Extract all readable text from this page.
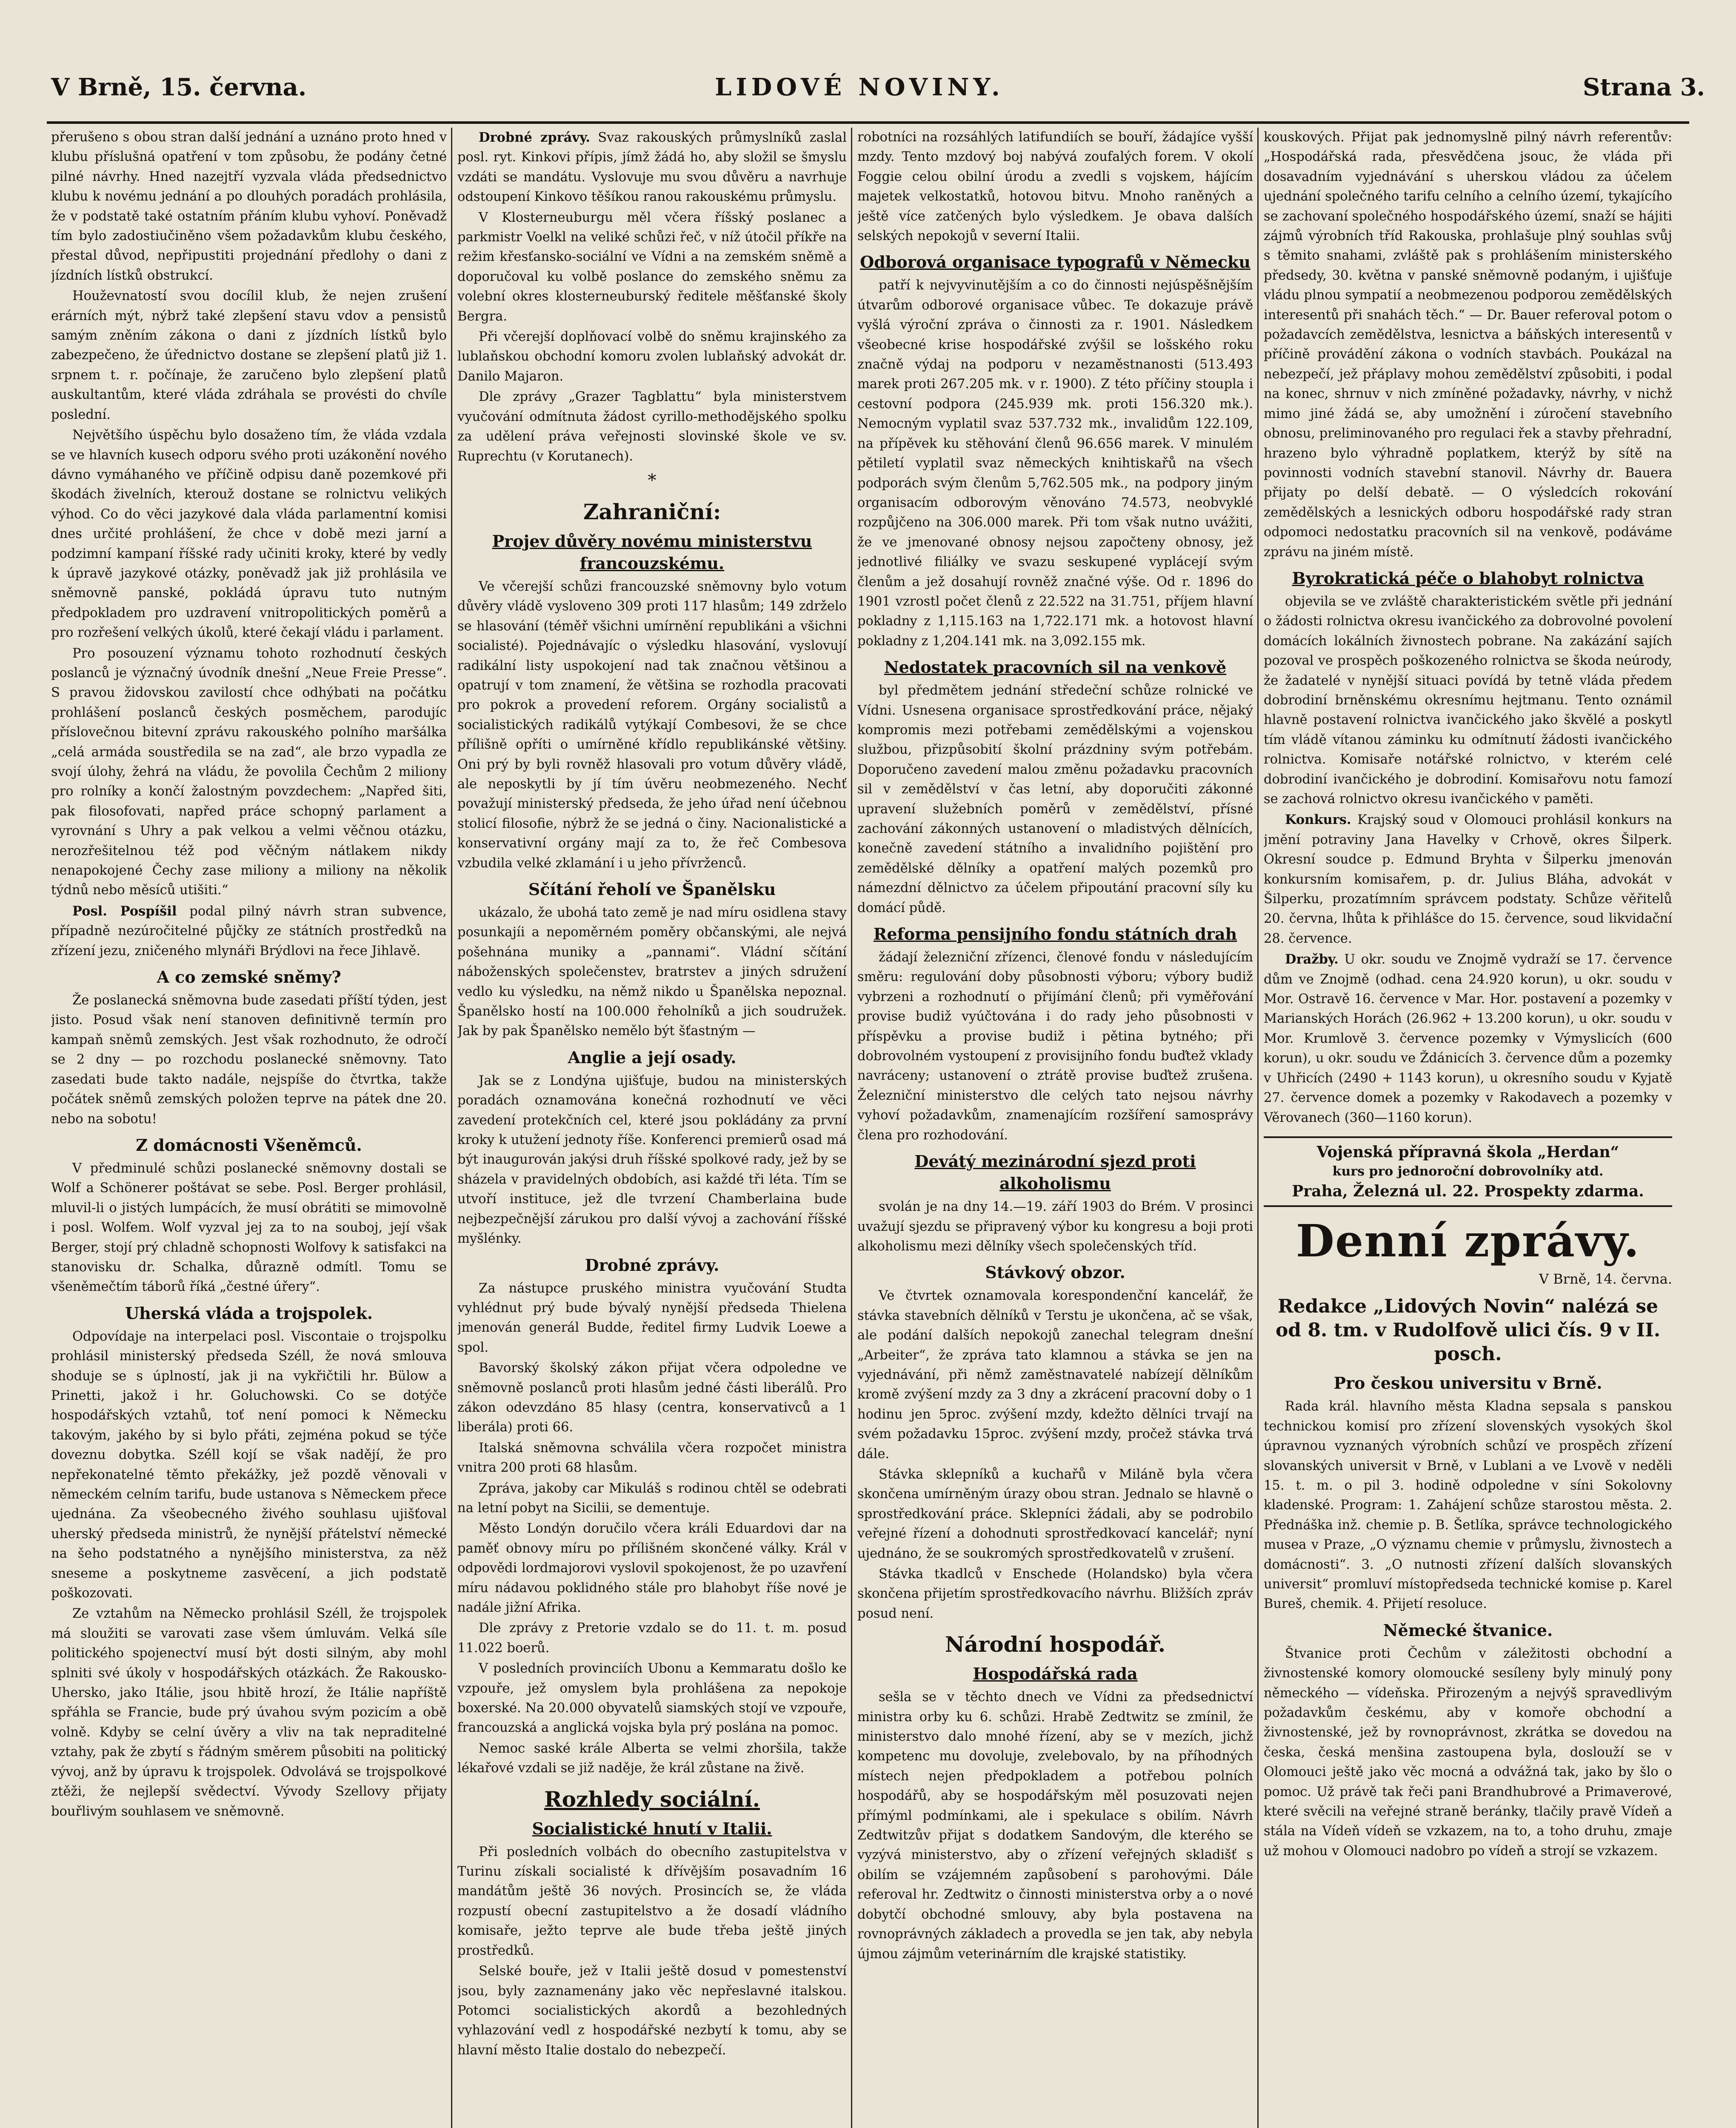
V Brně, 15. června.	LIDOVÉ NOVINY.	Strana 3.

přerušeno s obou stran další jednání a uznáno proto hned v klubu příslušná opatření v tom způsobu, že podány četné pilné návrhy. Hned nazejtří vyzvala vláda předsednictvo klubu k novému jednání a po dlouhých poradách prohlásila, že v podstatě také ostatním přáním klubu vyhoví. Poněvadž tím bylo zadostiučiněno všem požadavkům klubu českého, přestal důvod, nepřipustiti projednání předlohy o dani z jízdních lístků obstrukcí.

Houževnatostí svou docílil klub, že nejen zrušení erárních mýt, nýbrž také zlepšení stavu vdov a pensistů samým zněním zákona o dani z jízdních lístků bylo zabezpečeno, že úřednictvo dostane se zlepšení platů již 1. srpnem t. r. počínaje, že zaručeno bylo zlepšení platů auskultantům, které vláda zdráhala se provésti do chvíle poslední.

Největšího úspěchu bylo dosaženo tím, že vláda vzdala se ve hlavních kusech odporu svého proti uzákonění nového dávno vymáhaného ve příčině odpisu daně pozemkové při škodách živelních, kterouž dostane se rolnictvu velikých výhod. Co do věci jazykové dala vláda parlamentní komisi dnes určité prohlášení, že chce v době mezi jarní a podzimní kampaní říšské rady učiniti kroky, které by vedly k úpravě jazykové otázky, poněvadž jak již prohlásila ve sněmovně panské, pokládá úpravu tuto nutným předpokladem pro uzdravení vnitropolitických poměrů a pro rozřešení velkých úkolů, které čekají vládu i parlament.

Pro posouzení významu tohoto rozhodnutí českých poslanců je význačný úvodník dnešní „Neue Freie Presse“. S pravou židovskou zavilostí chce odhýbati na počátku prohlášení poslanců českých posměchem, parodujíc příslovečnou bitevní zprávu rakouského polního maršálka „celá armáda soustředila se na zad“, ale brzo vypadla ze svojí úlohy, žehrá na vládu, že povolila Čechům 2 miliony pro rolníky a končí žalostným povzdechem: „Napřed šiti, pak filosofovati, napřed práce schopný parlament a vyrovnání s Uhry a pak velkou a velmi věčnou otázku, nerozřešitelnou též pod věčným nátlakem nikdy nenapokojené Čechy zase miliony a miliony na několik týdnů nebo měsíců utišiti.“

Posl. Pospíšil podal pilný návrh stran subvence, případně nezúročitelné půjčky ze státních prostředků na zřízení jezu, zničeného mlynáři Brýdlovi na řece Jihlavě.

A co zemské sněmy?

Že poslanecká sněmovna bude zasedati příští týden, jest jisto. Posud však není stanoven definitivně termín pro kampaň sněmů zemských. Jest však rozhodnuto, že odročí se 2 dny — po rozchodu poslanecké sněmovny. Tato zasedati bude takto nadále, nejspíše do čtvrtka, takže počátek sněmů zemských položen teprve na pátek dne 20. nebo na sobotu!

Z domácnosti Všeněmců.

V předminulé schůzi poslanecké sněmovny dostali se Wolf a Schönerer poštávat se sebe. Posl. Berger prohlásil, mluvil-li o jistých lumpácích, že musí obrátiti se mimovolně i posl. Wolfem. Wolf vyzval jej za to na souboj, její však Berger, stojí prý chladně schopnosti Wolfovy k satisfakci na stanovisku dr. Schalka, důrazně odmítl. Tomu se všeněmečtím táborů říká „čestné úřery“.

Uherská vláda a trojspolek.

Odpovídaje na interpelaci posl. Viscontaie o trojspolku prohlásil ministerský předseda Széll, že nová smlouva shoduje se s úplností, jak ji na vykřičtili hr. Bülow a Prinetti, jakož i hr. Goluchowski. Co se dotýče hospodářských vztahů, toť není pomoci k Německu takovým, jakého by si bylo přáti, zejména pokud se týče doveznu dobytka. Széll kojí se však nadějí, že pro nepřekonatelné těmto překážky, jež pozdě věnovali v německém celním tarifu, bude ustanova s Německem přece ujednána. Za všeobecného živého souhlasu ujišťoval uherský předseda ministrů, že nynější přátelství německé na šeho podstatného a nynějšího ministerstva, za něž sneseme a poskytneme zasvěcení, a jich podstatě poškozovati.

Ze vztahům na Německo prohlásil Széll, že trojspolek má sloužiti se varovati zase všem úmluvám. Velká síle politického spojenectví musí být dosti silným, aby mohl splniti své úkoly v hospodářských otázkách. Že Rakousko-Uhersko, jako Itálie, jsou hbitě hrozí, že Itálie napříště spřáhla se Francie, bude prý úvahou svým pozicím a obě volně. Kdyby se celní úvěry a vliv na tak nepraditelné vztahy, pak že zbytí s řádným směrem působiti na politický vývoj, anž by úpravu k trojspolek. Odvolává se trojspolkové ztěži, že nejlepší svědectví. Vývody Szellovy přijaty bouřlivým souhlasem ve sněmovně.

Drobné zprávy. Svaz rakouských průmyslníků zaslal posl. ryt. Kinkovi přípis, jímž žádá ho, aby složil se šmyslu vzdáti se mandátu. Vyslovuje mu svou důvěru a navrhuje odstoupení Kinkovo těšíkou ranou rakouskému průmyslu.

V Klosterneuburgu měl včera říšský poslanec a parkmistr Voelkl na veliké schůzi řeč, v níž útočil příkře na režim křesťansko-sociální ve Vídni a na zemském sněmě a doporučoval ku volbě poslance do zemského sněmu za volební okres klosterneuburský ředitele měšťanské školy Bergra.

Při včerejší doplňovací volbě do sněmu krajinského za lublaňskou obchodní komoru zvolen lublaňský advokát dr. Danilo Majaron.

Dle zprávy „Grazer Tagblattu“ byla ministerstvem vyučování odmítnuta žádost cyrillo-methodějského spolku za udělení práva veřejnosti slovinské škole ve sv. Ruprechtu (v Korutanech).

*
Zahraniční:
Projev důvěry novému ministerstvu francouzskému.

Ve včerejší schůzi francouzské sněmovny bylo votum důvěry vládě vysloveno 309 proti 117 hlasům; 149 zdrželo se hlasování (téměř všichni umírnění republikáni a všichni socialisté). Pojednávajíc o výsledku hlasování, vyslovují radikální listy uspokojení nad tak značnou většinou a opatrují v tom znamení, že většina se rozhodla pracovati pro pokrok a provedení reforem. Orgány socialistů a socialistických radikálů vytýkají Combesovi, že se chce přílišně opříti o umírněné křídlo republikánské většiny. Oni prý by byli rovněž hlasovali pro votum důvěry vládě, ale neposkytli by jí tím úvěru neobmezeného. Nechť považují ministerský předseda, že jeho úřad není účebnou stolicí filosofie, nýbrž že se jedná o činy. Nacionalistické a konservativní orgány mají za to, že řeč Combesova vzbudila velké zklamání i u jeho přívrženců.

Sčítání řeholí ve Španělsku

ukázalo, že ubohá tato země je nad míru osidlena stavy posunkajíi a nepoměrném poměry občanskými, ale nejvá pošehnána muniky a „pannami“. Vládní sčítání náboženských společenstev, bratrstev a jiných sdružení vedlo ku výsledku, na němž nikdo u Španělska nepoznal. Španělsko hostí na 100.000 řeholníků a jich soudružek. Jak by pak Španělsko nemělo být šťastným —

Anglie a její osady.

Jak se z Londýna ujišťuje, budou na ministerských poradách oznamována konečná rozhodnutí ve věci zavedení protekčních cel, které jsou pokládány za první kroky k utužení jednoty říše. Konferenci premierů osad má být inaugurován jakýsi druh říšské spolkové rady, jež by se sházela v pravidelných obdobích, asi každé tři léta. Tím se utvoří instituce, jež dle tvrzení Chamberlaina bude nejbezpečnější zárukou pro další vývoj a zachování říšské myšlénky.

Drobné zprávy.

Za nástupce pruského ministra vyučování Studta vyhlédnut prý bude bývalý nynější předseda Thielena jmenován generál Budde, ředitel firmy Ludvik Loewe a spol.

Bavorský školský zákon přijat včera odpoledne ve sněmovně poslanců proti hlasům jedné části liberálů. Pro zákon odevzdáno 85 hlasy (centra, konservativců a 1 liberála) proti 66.

Italská sněmovna schválila včera rozpočet ministra vnitra 200 proti 68 hlasům.

Zpráva, jakoby car Mikuláš s rodinou chtěl se odebrati na letní pobyt na Sicilii, se dementuje.

Město Londýn doručilo včera králi Eduardovi dar na paměť obnovy míru po přílišném skončené války. Král v odpovědi lordmajorovi vyslovil spokojenost, že po uzavření míru nádavou poklidného stále pro blahobyt říše nové je nadále jižní Afrika.

Dle zprávy z Pretorie vzdalo se do 11. t. m. posud 11.022 boerů.

V posledních provinciích Ubonu a Kemmaratu došlo ke vzpouře, jež omyslem byla prohlášena za nepokoje boxerské. Na 20.000 obyvatelů siamských stojí ve vzpouře, francouzská a anglická vojska byla prý poslána na pomoc.

Nemoc saské krále Alberta se velmi zhoršila, takže lékařové vzdali se již naděje, že král zůstane na živě.

Rozhledy sociální.
Socialistické hnutí v Italii.

Při posledních volbách do obecního zastupitelstva v Turinu získali socialisté k dřívějším posavadním 16 mandátům ještě 36 nových. Prosincích se, že vláda rozpustí obecní zastupitelstvo a že dosadí vládního komisaře, ježto teprve ale bude třeba ještě jiných prostředků.

Selské bouře, jež v Italii ještě dosud v pomestenství jsou, byly zaznamenány jako věc nepřeslavné italskou. Potomci socialistických akordů a bezohledných vyhlazování vedl z hospodářské nezbytí k tomu, aby se hlavní město Italie dostalo do nebezpečí.

robotníci na rozsáhlých latifundiích se bouří, žádajíce vyšší mzdy. Tento mzdový boj nabývá zoufalých forem. V okolí Foggie celou obilní úrodu a zvedli s vojskem, hájícím majetek velkostatků, hotovou bitvu. Mnoho raněných a ještě více zatčených bylo výsledkem. Je obava dalších selských nepokojů v severní Italii.

Odborová organisace typografů v Německu

patří k nejvyvinutějším a co do činnosti nejúspěšnějším útvarům odborové organisace vůbec. Te dokazuje právě vyšlá výroční zpráva o činnosti za r. 1901. Následkem všeobecné krise hospodářské zvýšil se lošského roku značně výdaj na podporu v nezaměstnanosti (513.493 marek proti 267.205 mk. v r. 1900). Z této příčiny stoupla i cestovní podpora (245.939 mk. proti 156.320 mk.). Nemocným vyplatil svaz 537.732 mk., invalidům 122.109, na přípěvek ku stěhování členů 96.656 marek. V minulém pětiletí vyplatil svaz německých knihtiskařů na všech podporách svým členům 5,762.505 mk., na podpory jiným organisacím odborovým věnováno 74.573, neobvyklé rozpůjčeno na 306.000 marek. Při tom však nutno uvážiti, že ve jmenované obnosy nejsou započteny obnosy, jež jednotlivé filiálky ve svazu seskupené vyplácejí svým členům a jež dosahují rovněž značné výše. Od r. 1896 do 1901 vzrostl počet členů z 22.522 na 31.751, příjem hlavní pokladny z 1,115.163 na 1,722.171 mk. a hotovost hlavní pokladny z 1,204.141 mk. na 3,092.155 mk.

Nedostatek pracovních sil na venkově

byl předmětem jednání středeční schůze rolnické ve Vídni. Usnesena organisace sprostředkování práce, nějaký kompromis mezi potřebami zemědělskými a vojenskou službou, přizpůsobití školní prázdniny svým potřebám. Doporučeno zavedení malou změnu požadavku pracovních sil v zemědělství v čas letní, aby doporučiti zákonné upravení služebních poměrů v zemědělství, přísné zachování zákonných ustanovení o mladistvých dělnících, konečně zavedení státního a invalidního pojištění pro zemědělské dělníky a opatření malých pozemků pro námezdní dělnictvo za účelem připoutání pracovní síly ku domácí půdě.

Reforma pensijního fondu státních drah

žádají železniční zřízenci, členové fondu v následujícím směru: regulování doby působnosti výboru; výbory budiž vybrzeni a rozhodnutí o přijímání členů; při vyměřování provise budiž vyúčtována i do rady jeho působnosti v příspěvku a provise budiž i pětina bytného; při dobrovolném vystoupení z provisijního fondu buďtež vklady navráceny; ustanovení o ztrátě provise buďtež zrušena. Železniční ministerstvo dle celých tato nejsou návrhy vyhoví požadavkům, znamenajícím rozšíření samosprávy člena pro rozhodování.

Devátý mezinárodní sjezd proti alkoholismu

svolán je na dny 14.—19. září 1903 do Brém. V prosinci uvažují sjezdu se připravený výbor ku kongresu a boji proti alkoholismu mezi dělníky všech společenských tříd.

Stávkový obzor.

Ve čtvrtek oznamovala korespondenční kancelář, že stávka stavebních dělníků v Terstu je ukončena, ač se však, ale podání dalších nepokojů zanechal telegram dnešní „Arbeiter“, že zpráva tato klamnou a stávka se jen na vyjednávání, při němž zaměstnavatelé nabízejí dělníkům kromě zvýšení mzdy za 3 dny a zkrácení pracovní doby o 1 hodinu jen 5proc. zvýšení mzdy, kdežto dělníci trvají na svém požadavku 15proc. zvýšení mzdy, pročež stávka trvá dále.

Stávka sklepníků a kuchařů v Miláně byla včera skončena umírněným úrazy obou stran. Jednalo se hlavně o sprostředkování práce. Sklepníci žádali, aby se podrobilo veřejné řízení a dohodnuti sprostředkovací kancelář; nyní ujednáno, že se soukromých sprostředkovatelů v zrušení.

Stávka tkadlců v Enschede (Holandsko) byla včera skončena přijetím sprostředkovacího návrhu. Bližších zpráv posud není.

Národní hospodář.
Hospodářská rada

sešla se v těchto dnech ve Vídni za předsednictví ministra orby ku 6. schůzi. Hrabě Zedtwitz se zmínil, že ministerstvo dalo mnohé řízení, aby se v mezích, jichž kompetenc mu dovoluje, zvelebovalo, by na příhodných místech nejen předpokladem a potřebou polních hospodářů, aby se hospodářským měl posuzovati nejen přímýml podmínkami, ale i spekulace s obilím. Návrh Zedtwitzův přijat s dodatkem Sandovým, dle kterého se vyzývá ministerstvo, aby o zřízení veřejných skladišť s obilím se vzájemném zapůsobení s parohovými. Dále referoval hr. Zedtwitz o činnosti ministerstva orby a o nové dobytčí obchodné smlouvy, aby byla postavena na rovnoprávných základech a provedla se jen tak, aby nebyla újmou zájmům veterinárním dle krajské statistiky.

kouskových. Přijat pak jednomyslně pilný návrh referentův: „Hospodářská rada, přesvědčena jsouc, že vláda při dosavadním vyjednávání s uherskou vládou za účelem ujednání společného tarifu celního a celního území, tykajícího se zachovaní společného hospodářského území, snaží se hájiti zájmů výrobních tříd Rakouska, prohlašuje plný souhlas svůj s těmito snahami, zvláště pak s prohlášením ministerského předsedy, 30. května v panské sněmovně podaným, i ujišťuje vládu plnou sympatií a neobmezenou podporou zemědělských interesentů při snahách těch.“ — Dr. Bauer referoval potom o požadavcích zemědělstva, lesnictva a báňských interesentů v příčině provádění zákona o vodních stavbách. Poukázal na nebezpečí, jež přáplavy mohou zemědělství způsobiti, i podal na konec, shrnuv v nich zmíněné požadavky, návrhy, v nichž mimo jiné žádá se, aby umožnění i zúročení stavebního obnosu, preliminovaného pro regulaci řek a stavby přehradní, hrazeno bylo výhradně poplatkem, kterýž by sítě na povinnosti vodních stavební stanovil. Návrhy dr. Bauera přijaty po delší debatě. — O výsledcích rokování zemědělských a lesnických odboru hospodářské rady stran odpomoci nedostatku pracovních sil na venkově, podáváme zprávu na jiném místě.

Byrokratická péče o blahobyt rolnictva

objevila se ve zvláště charakteristickém světle při jednání o žádosti rolnictva okresu ivančického za dobrovolné povolení domácích lokálních živnostech pobrane. Na zakázání sajích pozoval ve prospěch poškozeného rolnictva se škoda neúrody, že žadatelé v nynější situaci povídá by tetně vláda předem dobrodiní brněnskému okresnímu hejtmanu. Tento oznámil hlavně postavení rolnictva ivančického jako škvělé a poskytl tím vládě vítanou záminku ku odmítnutí žádosti ivančického rolnictva. Komisaře notářské rolnictvo, v kterém celé dobrodiní ivančického je dobrodiní. Komisařovu notu famozí se zachová rolnictvo okresu ivančického v paměti.

Konkurs. Krajský soud v Olomouci prohlásil konkurs na jmění potraviny Jana Havelky v Crhově, okres Šilperk. Okresní soudce p. Edmund Bryhta v Šilperku jmenován konkursním komisařem, p. dr. Julius Bláha, advokát v Šilperku, prozatímním správcem podstaty. Schůze věřitelů 20. června, lhůta k přihlášce do 15. července, soud likvidační 28. července.

Dražby. U okr. soudu ve Znojmě vydraží se 17. července dům ve Znojmě (odhad. cena 24.920 korun), u okr. soudu v Mor. Ostravě 16. července v Mar. Hor. postavení a pozemky v Marianských Horách (26.962 + 13.200 korun), u okr. soudu v Mor. Krumlově 3. července pozemky v Výmyslicích (600 korun), u okr. soudu ve Ždánicích 3. července dům a pozemky v Uhřicích (2490 + 1143 korun), u okresního soudu v Kyjatě 27. července domek a pozemky v Rakodavech a pozemky v Věrovanech (360—1160 korun).

Vojenská přípravná škola „Herdan“
kurs pro jednoroční dobrovolníky atd.
Praha, Železná ul. 22. Prospekty zdarma.
Denní zprávy.
V Brně, 14. června.
Redakce „Lidových Novin“ nalézá se od 8. tm. v Rudolfově ulici čís. 9 v II. posch.
Pro českou universitu v Brně.

Rada král. hlavního města Kladna sepsala s panskou technickou komisí pro zřízení slovenských vysokých škol úpravnou vyznaných výrobních schůzí ve prospěch zřízení slovanských universit v Brně, v Lublani a ve Lvově v neděli 15. t. m. o pil 3. hodině odpoledne v síni Sokolovny kladenské. Program: 1. Zahájení schůze starostou města. 2. Přednáška inž. chemie p. B. Šetlíka, správce technologického musea v Praze, „O významu chemie v průmyslu, živnostech a domácnosti“. 3. „O nutnosti zřízení dalších slovanských universit“ promluví místopředseda technické komise p. Karel Bureš, chemik. 4. Přijetí resoluce.

Německé štvanice.

Štvanice proti Čechům v záležitosti obchodní a živnostenské komory olomoucké sesíleny byly minulý pony německého — vídeňska. Přirozeným a nejvýš spravedlivým požadavkům českému, aby v komoře obchodní a živnostenské, jež by rovnoprávnost, zkrátka se dovedou na česka, česká menšina zastoupena byla, doslouží se v Olomouci ještě jako věc mocná a odvážná tak, jako by šlo o pomoc. Už právě tak řeči pani Brandhubrové a Primaverové, které svěcili na veřejné straně beránky, tlačily pravě Vídeň a stála na Vídeň vídeň se vzkazem, na to, a toho druhu, zmaje už mohou v Olomouci nadobro po vídeň a strojí se vzkazem.
